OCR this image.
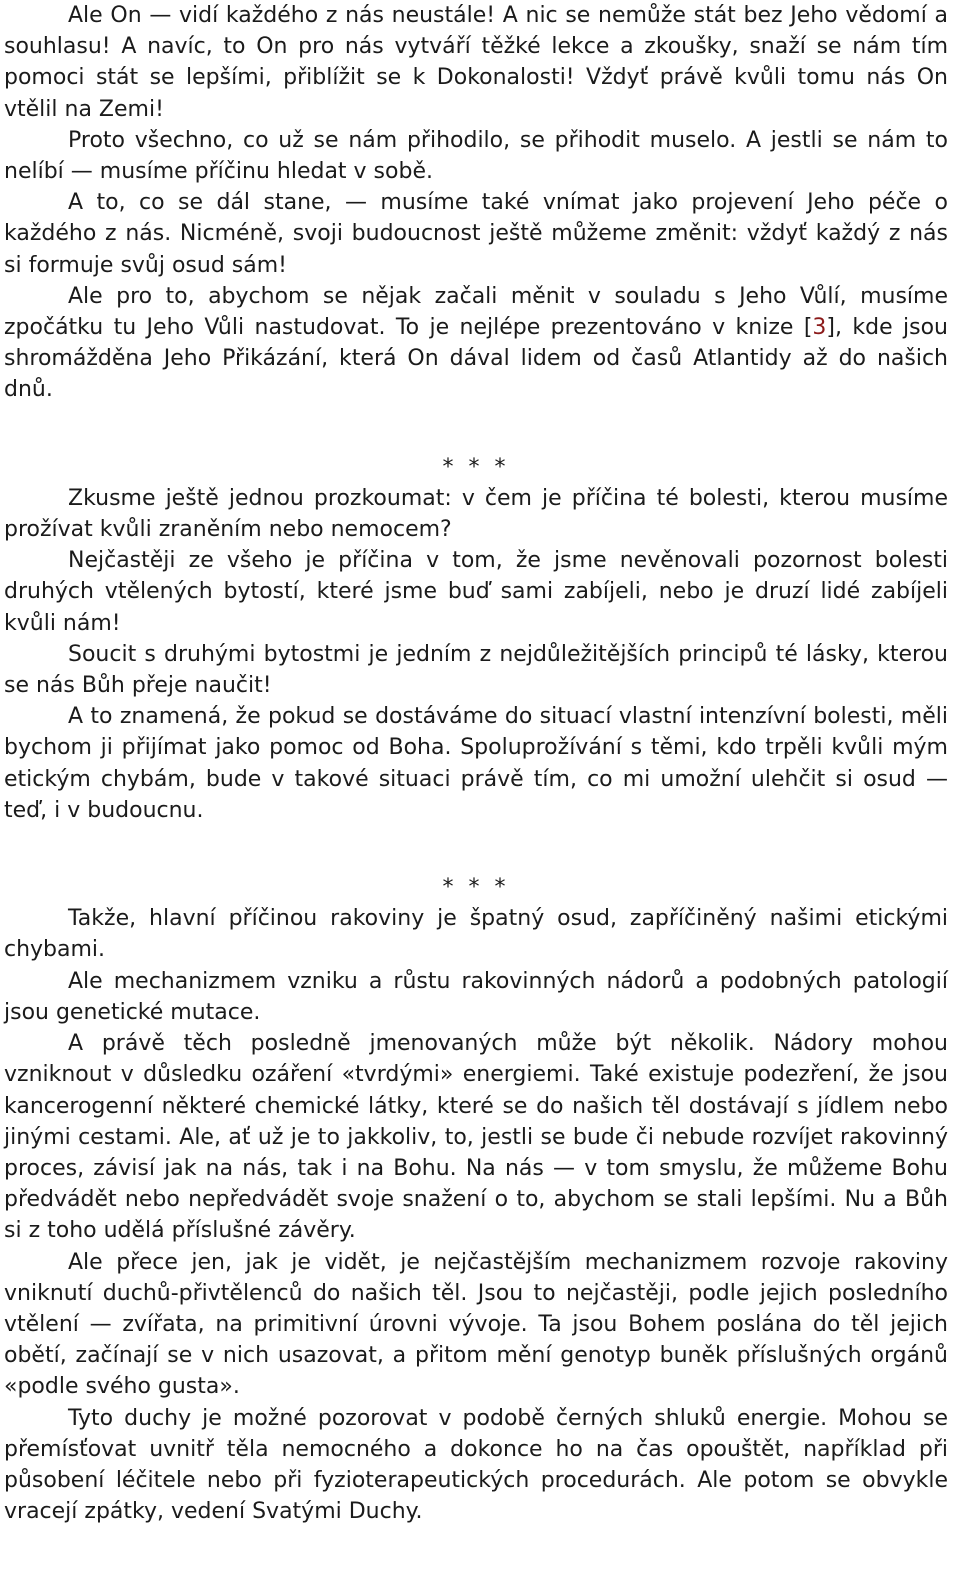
Ale On — vidí každého z nás neustále! A nic se nemůže stát bez Jeho vědomí a souhlasu! A navíc, to On pro nás vytváří těžké lekce a zkoušky, snaží se nám tím pomoci stát se lepšími, přiblížit se k Dokonalosti! Vždyť právě kvůli tomu nás On vtělil na Zemi!

Proto všechno, co už se nám přihodilo, se přihodit muselo. A jestli se nám to nelíbí — musíme příčinu hledat v sobě.

A to, co se dál stane, — musíme také vnímat jako projevení Jeho péče o každého z nás. Nicméně, svoji budoucnost ještě můžeme změnit: vždyť každý z nás si formuje svůj osud sám!

Ale pro to, abychom se nějak začali měnit v souladu s Jeho Vůlí, musíme zpočátku tu Jeho Vůli nastudovat. To je nejlépe prezentováno v knize [3], kde jsou shromážděna Jeho Přikázání, která On dával lidem od časů Atlantidy až do našich dnů.

* * *

Zkusme ještě jednou prozkoumat: v čem je příčina té bolesti, kterou musíme prožívat kvůli zraněním nebo nemocem?

Nejčastěji ze všeho je příčina v tom, že jsme nevěnovali pozornost bolesti druhých vtělených bytostí, které jsme buď sami zabíjeli, nebo je druzí lidé zabíjeli kvůli nám!

Soucit s druhými bytostmi je jedním z nejdůležitějších principů té lásky, kterou se nás Bůh přeje naučit!

A to znamená, že pokud se dostáváme do situací vlastní intenzívní bolesti, měli bychom ji přijímat jako pomoc od Boha. Spoluprožívání s těmi, kdo trpěli kvůli mým etickým chybám, bude v takové situaci právě tím, co mi umožní ulehčit si osud — teď, i v budoucnu.

* * *

Takže, hlavní příčinou rakoviny je špatný osud, zapříčiněný našimi etickými chybami.

Ale mechanizmem vzniku a růstu rakovinných nádorů a podobných patologií jsou genetické mutace.

A právě těch posledně jmenovaných může být několik. Nádory mohou vzniknout v důsledku ozáření «tvrdými» energiemi. Také existuje podezření, že jsou kancerogenní některé chemické látky, které se do našich těl dostávají s jídlem nebo jinými cestami. Ale, ať už je to jakkoliv, to, jestli se bude či nebude rozvíjet rakovinný proces, závisí jak na nás, tak i na Bohu. Na nás — v tom smyslu, že můžeme Bohu předvádět nebo nepředvádět svoje snažení o to, abychom se stali lepšími. Nu a Bůh si z toho udělá příslušné závěry.

Ale přece jen, jak je vidět, je nejčastějším mechanizmem rozvoje rakoviny vniknutí duchů-přivtělenců do našich těl. Jsou to nejčastěji, podle jejich posledního vtělení — zvířata, na primitivní úrovni vývoje. Ta jsou Bohem poslána do těl jejich obětí, začínají se v nich usazovat, a přitom mění genotyp buněk příslušných orgánů «podle svého gusta».

Tyto duchy je možné pozorovat v podobě černých shluků energie. Mohou se přemísťovat uvnitř těla nemocného a dokonce ho na čas opouštět, například při působení léčitele nebo při fyzioterapeutických procedurách. Ale potom se obvykle vracejí zpátky, vedení Svatými Duchy.
